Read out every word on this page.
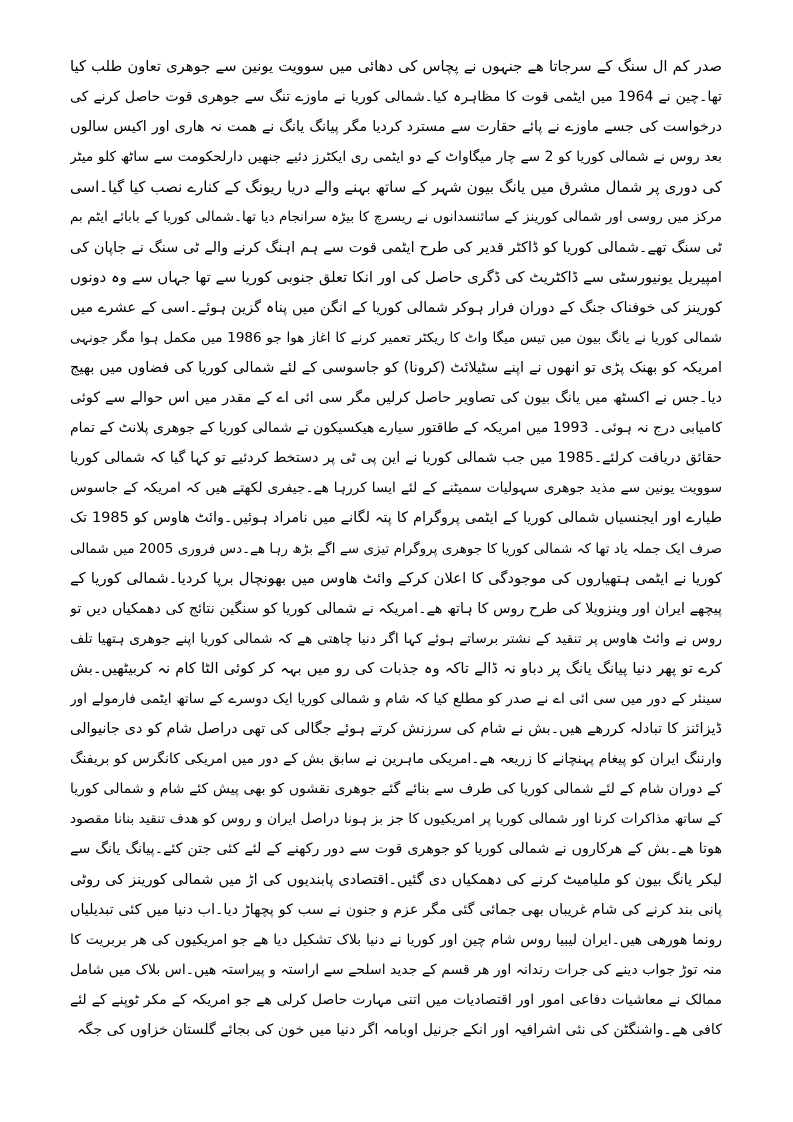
صدر کم ال سنگ کے سرجاتا ھے جنہوں نے پچاس کی دھائی میں سوویت یونین سے جوھری تعاون طلب کیا
تھا۔چین نے 1964 میں ایٹمی قوت کا مظاہرہ کیا۔شمالی کوریا نے ماوزے تنگ سے جوھری قوت حاصل کرنے کی
درخواست کی جسے ماوزے نے پائے حقارت سے مسترد کردیا مگر پیانگ یانگ نے ھمت نہ ھاری اور اکیس سالوں
بعد روس نے شمالی کوریا کو 2 سے چار میگاواٹ کے دو ایٹمی ری ایکٹرز دئیے جنھیں دارلحکومت سے ساٹھ کلو میٹر
کی دوری پر شمال مشرق میں یانگ بیون شہر کے ساتھ بہنے والے دریا ریونگ کے کنارے نصب کیا گیا۔اسی
مرکز میں روسی اور شمالی کورینز کے سائنسدانوں نے ریسرچ کا بیڑہ سرانجام دیا تھا۔شمالی کوریا کے بابائے ایٹم بم
ٹی سنگ تھے۔شمالی کوریا کو ڈاکٹر قدیر کی طرح ایٹمی قوت سے ہم اہنگ کرنے والے ٹی سنگ نے جاپان کی
امپیریل یونیورسٹی سے ڈاکٹریٹ کی ڈگری حاصل کی اور انکا تعلق جنوبی کوریا سے تھا جہاں سے وہ دونوں
کورینز کی خوفناک جنگ کے دوران فرار ہوکر شمالی کوریا کے انگن میں پناہ گزین ہوئے۔اسی کے عشرے میں
شمالی کوریا نے یانگ بیون میں تیس میگا واٹ کا ریکٹر تعمیر کرنے کا اغاز ھوا جو 1986 میں مکمل ہوا مگر جونہی
امریکہ کو بھنک پڑی تو انھوں نے اپنے سٹیلائٹ (کرونا) کو جاسوسی کے لئے شمالی کوریا کی فضاوں میں بھیج
دیا۔جس نے اکسٹھ میں یانگ بیون کی تصاویر حاصل کرلیں مگر سی ائی اے کے مقدر میں اس حوالے سے کوئی
کامیابی درج نہ ہوئی۔ 1993 میں امریکہ کے طاقتور سیارے ھیکسیکون نے شمالی کوریا کے جوھری پلانٹ کے تمام
حقائق دریافت کرلئے۔1985 میں جب شمالی کوریا نے این پی ٹی پر دستخط کردئیے تو کہا گیا کہ شمالی کوریا
سوویت یونین سے مذید جوھری سہولیات سمیٹنے کے لئے ایسا کررہا ھے۔جیفری لکھتے ھیں کہ امریکہ کے جاسوس
طیارے اور ایجنسیاں شمالی کوریا کے ایٹمی پروگرام کا پتہ لگانے میں نامراد ہوئیں۔وائٹ ھاوس کو 1985 تک
صرف ایک جملہ یاد تھا کہ شمالی کوریا کا جوھری پروگرام تیزی سے اگے بڑھ رہا ھے۔دس فروری 2005 میں شمالی
کوریا نے ایٹمی ہتھیاروں کی موجودگی کا اعلان کرکے وائٹ ھاوس میں بھونچال برپا کردیا۔شمالی کوریا کے
پیچھے ایران اور وینزویلا کی طرح روس کا ہاتھ ھے۔امریکہ نے شمالی کوریا کو سنگین نتائج کی دھمکیاں دیں تو
روس نے وائٹ ھاوس پر تنقید کے نشتر برساتے ہوئے کہا اگر دنیا چاھتی ھے کہ شمالی کوریا اپنے جوھری ہتھیا تلف
کرے تو پھر دنیا پیانگ یانگ پر دباو نہ ڈالے تاکہ وہ جذبات کی رو میں بہہ کر کوئی الٹا کام نہ کربیٹھیں۔بش
سینئر کے دور میں سی ائی اے نے صدر کو مطلع کیا کہ شام و شمالی کوریا ایک دوسرے کے ساتھ ایٹمی فارمولے اور
ڈیزائنز کا تبادلہ کررھے ھیں۔بش نے شام کی سرزنش کرتے ہوئے جگالی کی تھی دراصل شام کو دی جانیوالی
وارننگ ایران کو پیغام پہنچانے کا زریعہ ھے۔امریکی ماہرین نے سابق بش کے دور میں امریکی کانگرس کو بریفنگ
کے دوران شام کے لئے شمالی کوریا کی طرف سے بنائے گئے جوھری نقشوں کو بھی پیش کئے شام و شمالی کوریا
کے ساتھ مذاکرات کرنا اور شمالی کوریا پر امریکیوں کا جز بز ہونا دراصل ایران و روس کو ھدف تنقید بنانا مقصود
ھوتا ھے۔بش کے ھرکاروں نے شمالی کوریا کو جوھری قوت سے دور رکھنے کے لئے کئی جتن کئے۔پیانگ یانگ سے
لیکر یانگ بیون کو ملیامیٹ کرنے کی دھمکیاں دی گئیں۔اقتصادی پابندیوں کی اڑ میں شمالی کورینز کی روٹی
پانی بند کرنے کی شام غریباں بھی جمائی گئی مگر عزم و جنون نے سب کو پچھاڑ دیا۔اب دنیا میں کئی تبدیلیاں
رونما ھورھی ھیں۔ایران لیبیا روس شام چین اور کوریا نے دنیا بلاک تشکیل دیا ھے جو امریکیوں کی ھر بربریت کا
منہ توڑ جواب دینے کی جرات رندانہ اور ھر قسم کے جدید اسلحے سے اراستہ و پیراستہ ھیں۔اس بلاک میں شامل
ممالک نے معاشیات دفاعی امور اور اقتصادیات میں اتنی مہارت حاصل کرلی ھے جو امریکہ کے مکر ٹوپنے کے لئے
کافی ھے۔واشنگٹن کی نئی اشرافیہ اور انکے جرنیل اوبامہ اگر دنیا میں خون کی بجائے گلستان خزاوں کی جگہ
